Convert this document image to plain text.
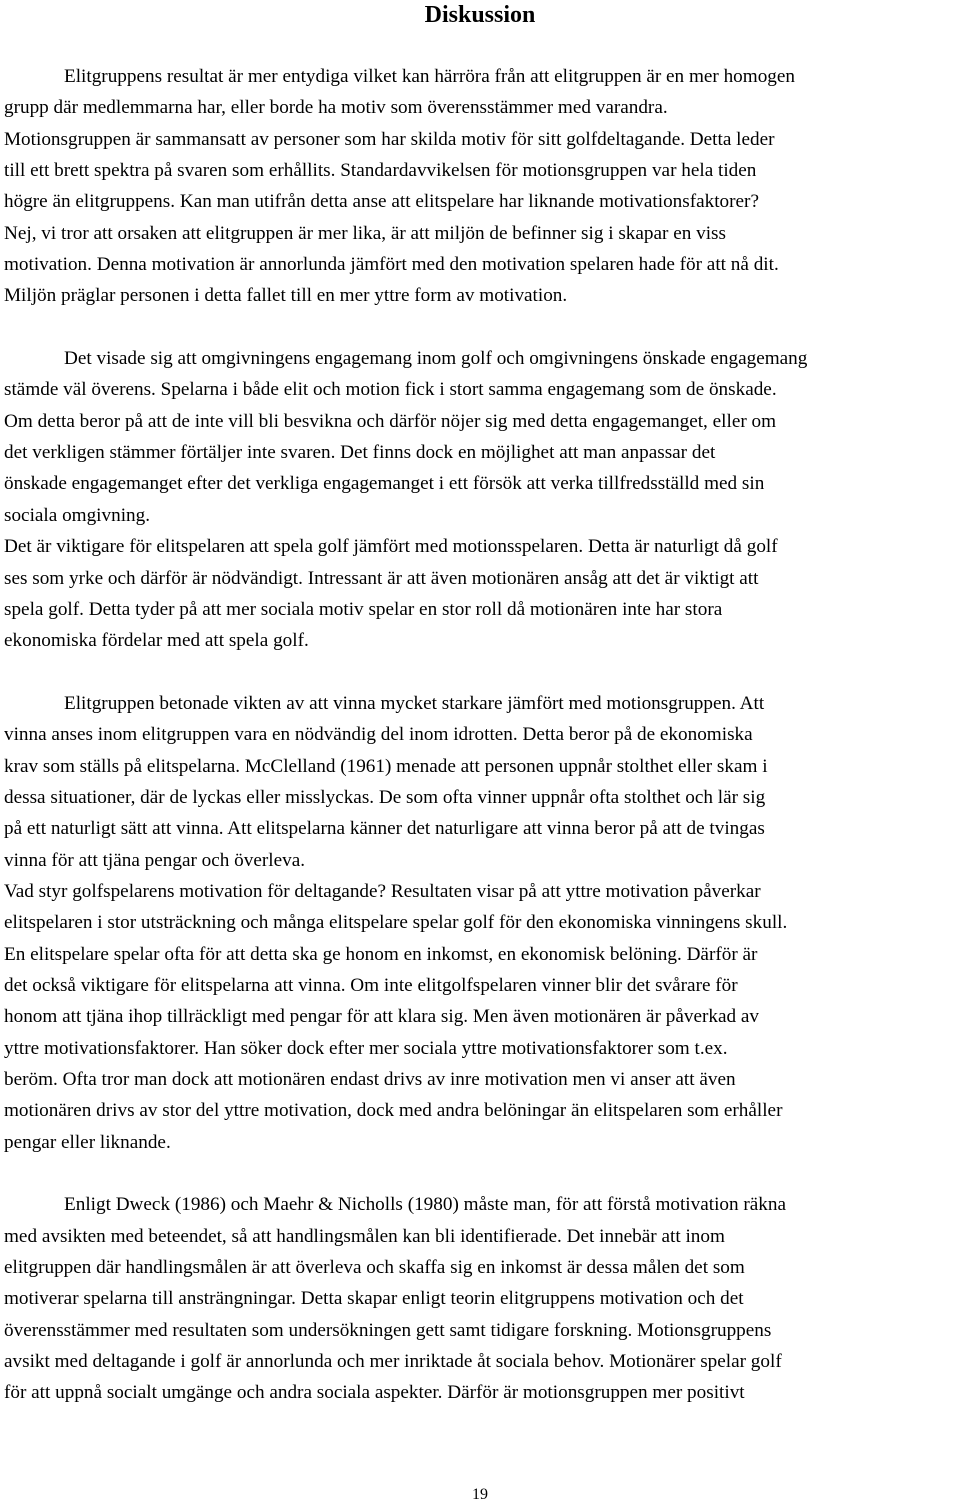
Diskussion
Elitgruppens resultat är mer entydiga vilket kan härröra från att elitgruppen är en mer homogen
grupp där medlemmarna har, eller borde ha motiv som överensstämmer med varandra.
Motionsgruppen är sammansatt av personer som har skilda motiv för sitt golfdeltagande. Detta leder
till ett brett spektra på svaren som erhållits. Standardavvikelsen för motionsgruppen var hela tiden
högre än elitgruppens. Kan man utifrån detta anse att elitspelare har liknande motivationsfaktorer?
Nej, vi tror att orsaken att elitgruppen är mer lika, är att miljön de befinner sig i skapar en viss
motivation. Denna motivation är annorlunda jämfört med den motivation spelaren hade för att nå dit.
Miljön präglar personen i detta fallet till en mer yttre form av motivation.
Det visade sig att omgivningens engagemang inom golf och omgivningens önskade engagemang
stämde väl överens. Spelarna i både elit och motion fick i stort samma engagemang som de önskade.
Om detta beror på att de inte vill bli besvikna och därför nöjer sig med detta engagemanget, eller om
det verkligen stämmer förtäljer inte svaren. Det finns dock en möjlighet att man anpassar det
önskade engagemanget efter det verkliga engagemanget i ett försök att verka tillfredsställd med sin
sociala omgivning.
Det är viktigare för elitspelaren att spela golf jämfört med motionsspelaren. Detta är naturligt då golf
ses som yrke och därför är nödvändigt. Intressant är att även motionären ansåg att det är viktigt att
spela golf. Detta tyder på att mer sociala motiv spelar en stor roll då motionären inte har stora
ekonomiska fördelar med att spela golf.
Elitgruppen betonade vikten av att vinna mycket starkare jämfört med motionsgruppen. Att
vinna anses inom elitgruppen vara en nödvändig del inom idrotten. Detta beror på de ekonomiska
krav som ställs på elitspelarna. McClelland (1961) menade att personen uppnår stolthet eller skam i
dessa situationer, där de lyckas eller misslyckas. De som ofta vinner uppnår ofta stolthet och lär sig
på ett naturligt sätt att vinna. Att elitspelarna känner det naturligare att vinna beror på att de tvingas
vinna för att tjäna pengar och överleva.
Vad styr golfspelarens motivation för deltagande? Resultaten visar på att yttre motivation påverkar
elitspelaren i stor utsträckning och många elitspelare spelar golf för den ekonomiska vinningens skull.
En elitspelare spelar ofta för att detta ska ge honom en inkomst, en ekonomisk belöning. Därför är
det också viktigare för elitspelarna att vinna. Om inte elitgolfspelaren vinner blir det svårare för
honom att tjäna ihop tillräckligt med pengar för att klara sig. Men även motionären är påverkad av
yttre motivationsfaktorer. Han söker dock efter mer sociala yttre motivationsfaktorer som t.ex.
beröm. Ofta tror man dock att motionären endast drivs av inre motivation men vi anser att även
motionären drivs av stor del yttre motivation, dock med andra belöningar än elitspelaren som erhåller
pengar eller liknande.
Enligt Dweck (1986) och Maehr & Nicholls (1980) måste man, för att förstå motivation räkna
med avsikten med beteendet, så att handlingsmålen kan bli identifierade. Det innebär att inom
elitgruppen där handlingsmålen är att överleva och skaffa sig en inkomst är dessa målen det som
motiverar spelarna till ansträngningar. Detta skapar enligt teorin elitgruppens motivation och det
överensstämmer med resultaten som undersökningen gett samt tidigare forskning. Motionsgruppens
avsikt med deltagande i golf är annorlunda och mer inriktade åt sociala behov. Motionärer spelar golf
för att uppnå socialt umgänge och andra sociala aspekter. Därför är motionsgruppen mer positivt
19
